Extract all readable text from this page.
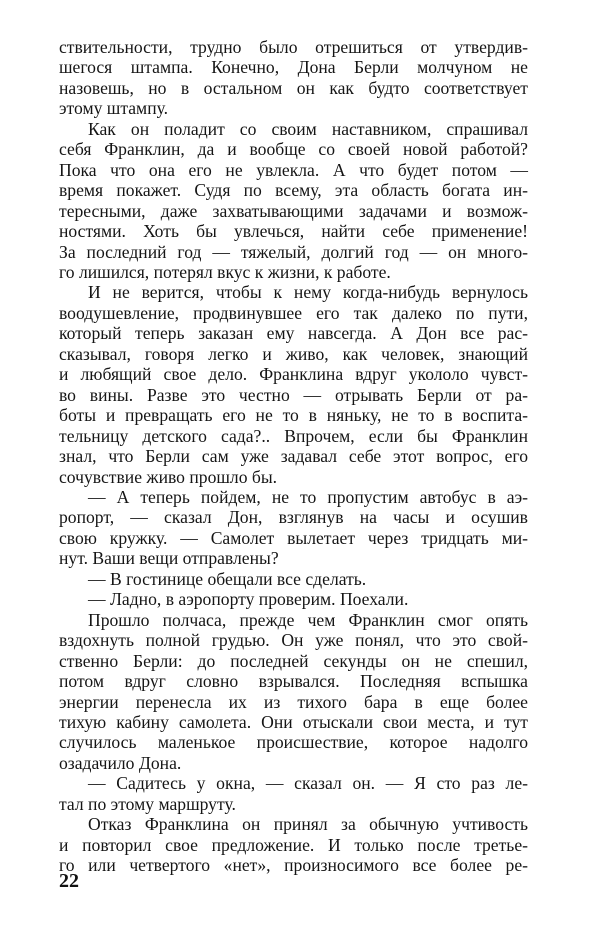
ствительности, трудно было отрешиться от утвердив-
шегося штампа. Конечно, Дона Берли молчуном не
назовешь, но в остальном он как будто соответствует
этому штампу.
Как он поладит со своим наставником, спрашивал
себя Франклин, да и вообще со своей новой работой?
Пока что она его не увлекла. А что будет потом —
время покажет. Судя по всему, эта область богата ин-
тересными, даже захватывающими задачами и возмож-
ностями. Хоть бы увлечься, найти себе применение!
За последний год — тяжелый, долгий год — он много-
го лишился, потерял вкус к жизни, к работе.
И не верится, чтобы к нему когда-нибудь вернулось
воодушевление, продвинувшее его так далеко по пути,
который теперь заказан ему навсегда. А Дон все рас-
сказывал, говоря легко и живо, как человек, знающий
и любящий свое дело. Франклина вдруг укололо чувст-
во вины. Разве это честно — отрывать Берли от ра-
боты и превращать его не то в няньку, не то в воспита-
тельницу детского сада?.. Впрочем, если бы Франклин
знал, что Берли сам уже задавал себе этот вопрос, его
сочувствие живо прошло бы.
— А теперь пойдем, не то пропустим автобус в аэ-
ропорт, — сказал Дон, взглянув на часы и осушив
свою кружку. — Самолет вылетает через тридцать ми-
нут. Ваши вещи отправлены?
— В гостинице обещали все сделать.
— Ладно, в аэропорту проверим. Поехали.
Прошло полчаса, прежде чем Франклин смог опять
вздохнуть полной грудью. Он уже понял, что это свой-
ственно Берли: до последней секунды он не спешил,
потом вдруг словно взрывался. Последняя вспышка
энергии перенесла их из тихого бара в еще более
тихую кабину самолета. Они отыскали свои места, и тут
случилось маленькое происшествие, которое надолго
озадачило Дона.
— Садитесь у окна, — сказал он. — Я сто раз ле-
тал по этому маршруту.
Отказ Франклина он принял за обычную учтивость
и повторил свое предложение. И только после третье-
го или четвертого «нет», произносимого все более ре-
22
